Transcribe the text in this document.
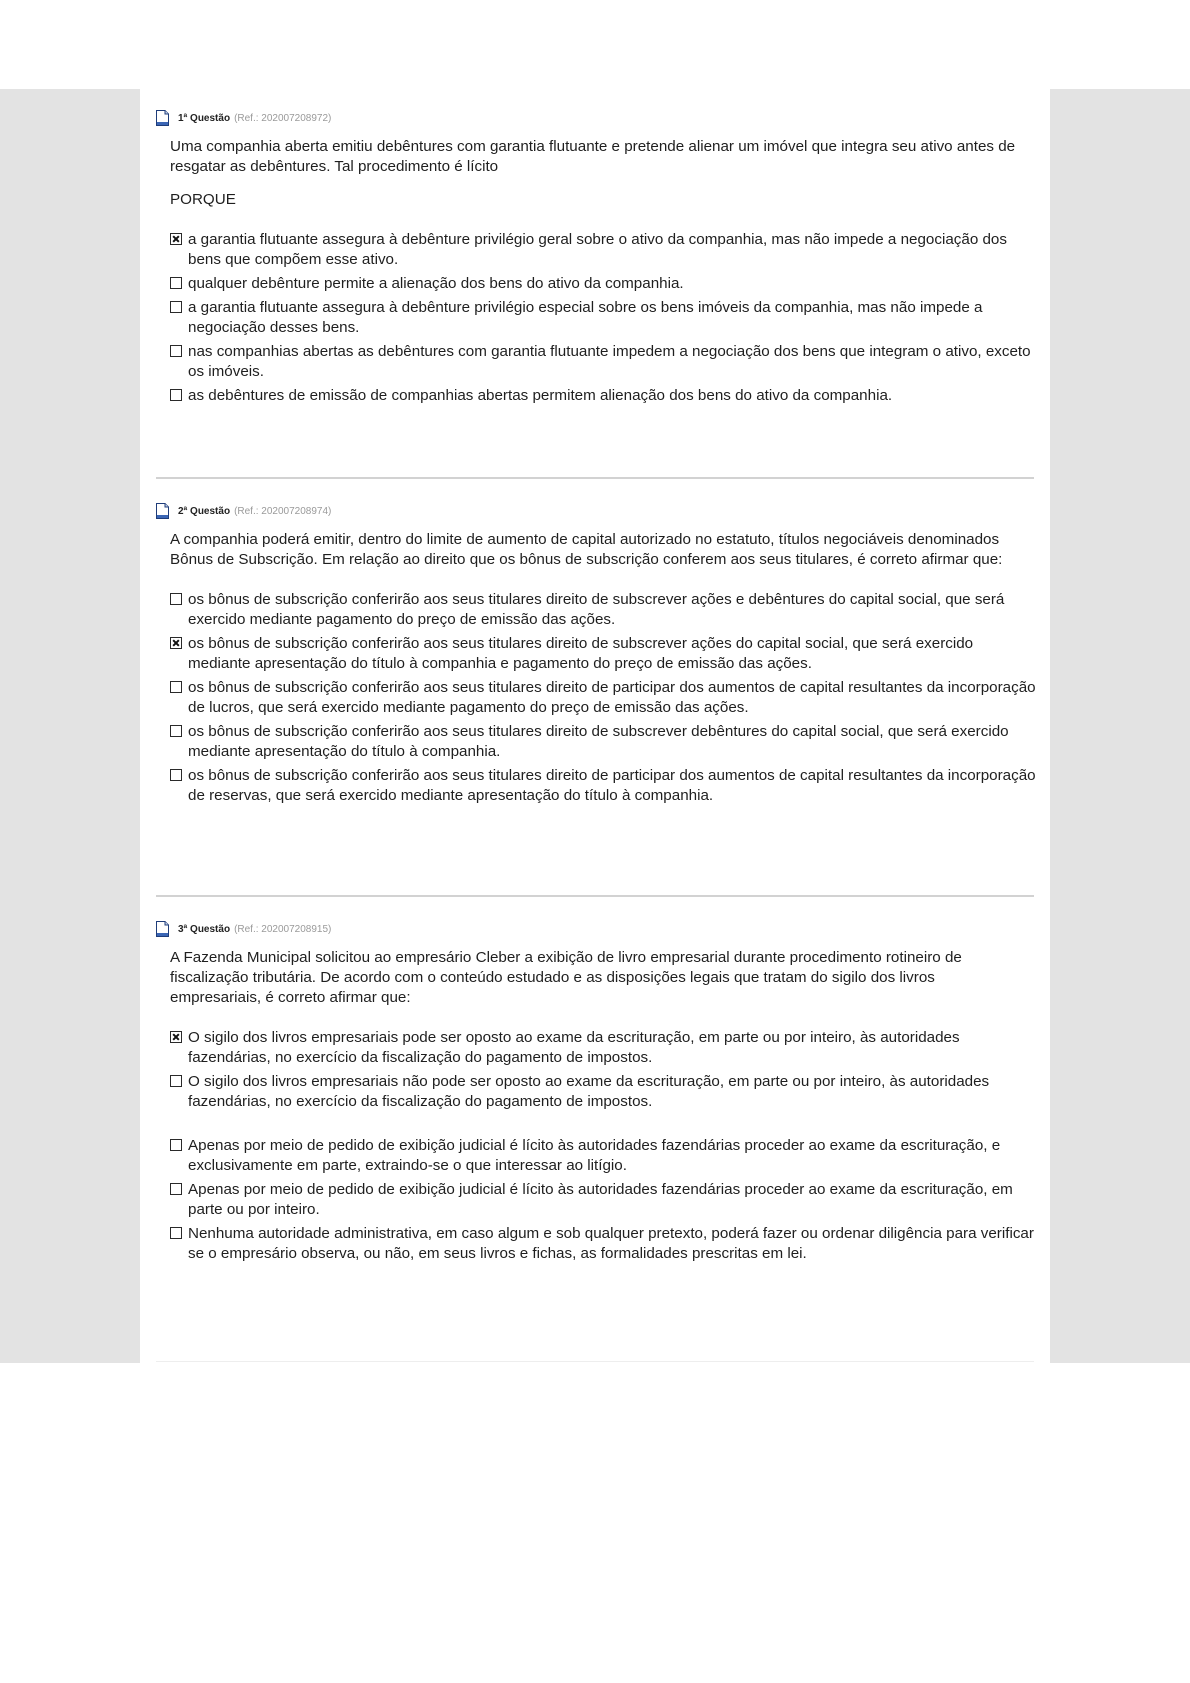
1ª Questão (Ref.: 202007208972)

Uma companhia aberta emitiu debêntures com garantia flutuante e pretende alienar um imóvel que integra seu ativo antes de resgatar as debêntures. Tal procedimento é lícito

PORQUE

a garantia flutuante assegura à debênture privilégio geral sobre o ativo da companhia, mas não impede a negociação dos bens que compõem esse ativo.
qualquer debênture permite a alienação dos bens do ativo da companhia.
a garantia flutuante assegura à debênture privilégio especial sobre os bens imóveis da companhia, mas não impede a negociação desses bens.
nas companhias abertas as debêntures com garantia flutuante impedem a negociação dos bens que integram o ativo, exceto os imóveis.
as debêntures de emissão de companhias abertas permitem alienação dos bens do ativo da companhia.
2ª Questão (Ref.: 202007208974)

A companhia poderá emitir, dentro do limite de aumento de capital autorizado no estatuto, títulos negociáveis denominados Bônus de Subscrição. Em relação ao direito que os bônus de subscrição conferem aos seus titulares, é correto afirmar que:

os bônus de subscrição conferirão aos seus titulares direito de subscrever ações e debêntures do capital social, que será exercido mediante pagamento do preço de emissão das ações.
os bônus de subscrição conferirão aos seus titulares direito de subscrever ações do capital social, que será exercido mediante apresentação do título à companhia e pagamento do preço de emissão das ações.
os bônus de subscrição conferirão aos seus titulares direito de participar dos aumentos de capital resultantes da incorporação de lucros, que será exercido mediante pagamento do preço de emissão das ações.
os bônus de subscrição conferirão aos seus titulares direito de subscrever debêntures do capital social, que será exercido mediante apresentação do título à companhia.
os bônus de subscrição conferirão aos seus titulares direito de participar dos aumentos de capital resultantes da incorporação de reservas, que será exercido mediante apresentação do título à companhia.
3ª Questão (Ref.: 202007208915)

A Fazenda Municipal solicitou ao empresário Cleber a exibição de livro empresarial durante procedimento rotineiro de fiscalização tributária. De acordo com o conteúdo estudado e as disposições legais que tratam do sigilo dos livros empresariais, é correto afirmar que:

O sigilo dos livros empresariais pode ser oposto ao exame da escrituração, em parte ou por inteiro, às autoridades fazendárias, no exercício da fiscalização do pagamento de impostos.
O sigilo dos livros empresariais não pode ser oposto ao exame da escrituração, em parte ou por inteiro, às autoridades fazendárias, no exercício da fiscalização do pagamento de impostos.
Apenas por meio de pedido de exibição judicial é lícito às autoridades fazendárias proceder ao exame da escrituração, e exclusivamente em parte, extraindo-se o que interessar ao litígio.
Apenas por meio de pedido de exibição judicial é lícito às autoridades fazendárias proceder ao exame da escrituração, em parte ou por inteiro.
Nenhuma autoridade administrativa, em caso algum e sob qualquer pretexto, poderá fazer ou ordenar diligência para verificar se o empresário observa, ou não, em seus livros e fichas, as formalidades prescritas em lei.
